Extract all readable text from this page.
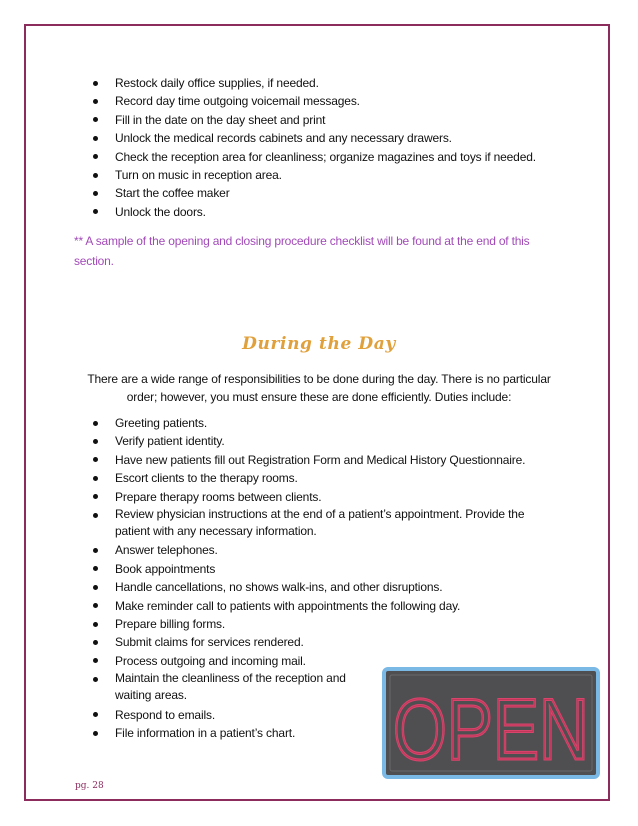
Restock daily office supplies, if needed.
Record day time outgoing voicemail messages.
Fill in the date on the day sheet and print
Unlock the medical records cabinets and any necessary drawers.
Check the reception area for cleanliness; organize magazines and toys if needed.
Turn on music in reception area.
Start the coffee maker
Unlock the doors.

** A sample of the opening and closing procedure checklist will be found at the end of this section.

During the Day

There are a wide range of responsibilities to be done during the day. There is no particular
order; however, you must ensure these are done efficiently. Duties include:

Greeting patients.
Verify patient identity.
Have new patients fill out Registration Form and Medical History Questionnaire.
Escort clients to the therapy rooms.
Prepare therapy rooms between clients.
Review physician instructions at the end of a patient’s appointment. Provide the patient with any necessary information.
Answer telephones.
Book appointments
Handle cancellations, no shows walk-ins, and other disruptions.
Make reminder call to patients with appointments the following day.
Prepare billing forms.
Submit claims for services rendered.
Process outgoing and incoming mail.
Maintain the cleanliness of the reception and waiting areas.
Respond to emails.
File information in a patient’s chart.	OPEN
OPEN

pg. 28
